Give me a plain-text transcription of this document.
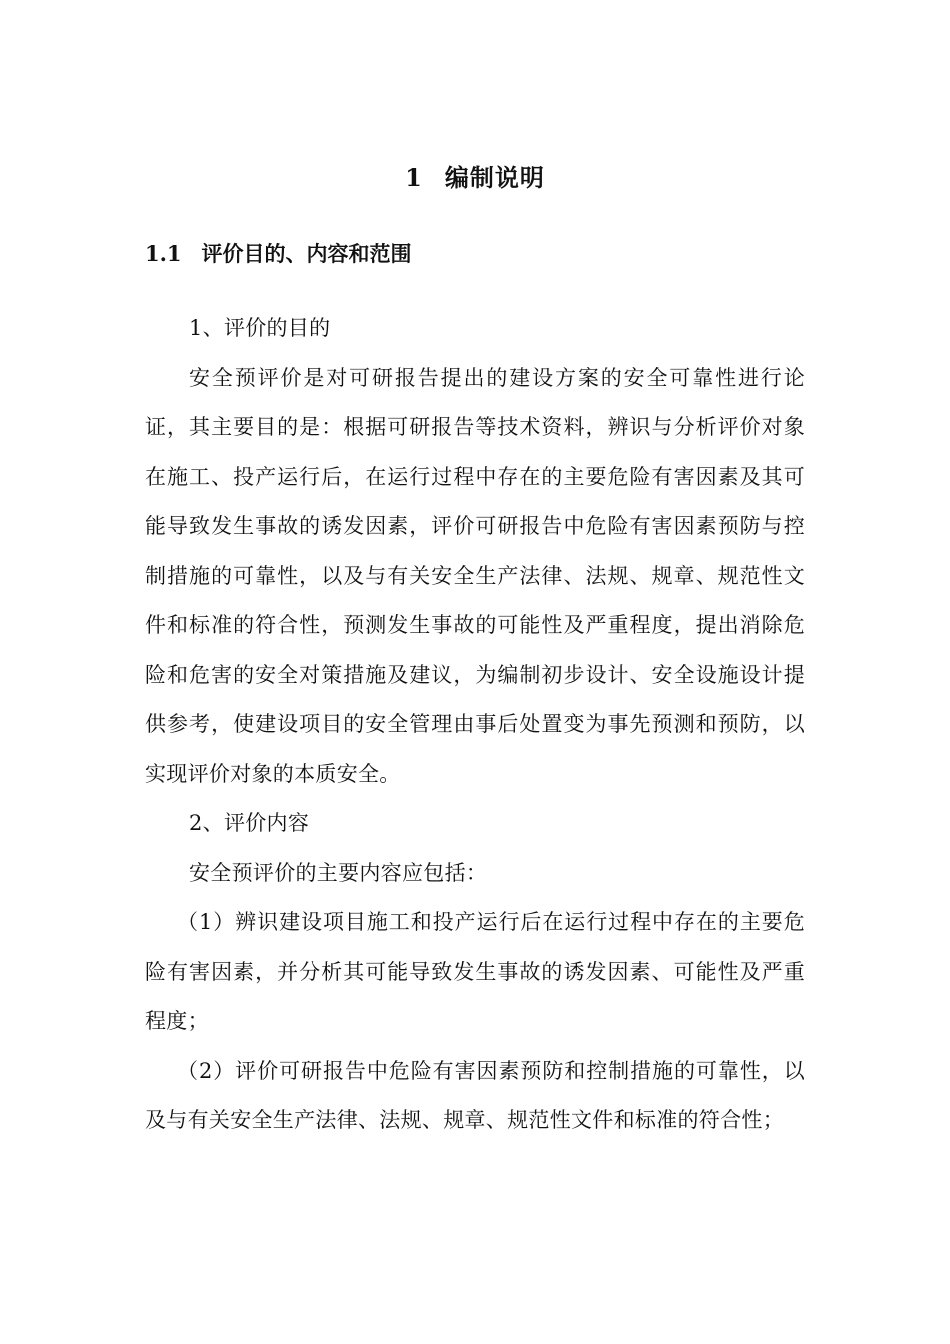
1 编制说明
1.1 评价目的、内容和范围

1、评价的目的

安全预评价是对可研报告提出的建设方案的安全可靠性进行论证，其主要目的是：根据可研报告等技术资料，辨识与分析评价对象在施工、投产运行后，在运行过程中存在的主要危险有害因素及其可能导致发生事故的诱发因素，评价可研报告中危险有害因素预防与控制措施的可靠性，以及与有关安全生产法律、法规、规章、规范性文件和标准的符合性，预测发生事故的可能性及严重程度，提出消除危险和危害的安全对策措施及建议，为编制初步设计、安全设施设计提供参考，使建设项目的安全管理由事后处置变为事先预测和预防，以实现评价对象的本质安全。

2、评价内容

安全预评价的主要内容应包括：

（1）辨识建设项目施工和投产运行后在运行过程中存在的主要危险有害因素，并分析其可能导致发生事故的诱发因素、可能性及严重程度；

（2）评价可研报告中危险有害因素预防和控制措施的可靠性，以及与有关安全生产法律、法规、规章、规范性文件和标准的符合性；
